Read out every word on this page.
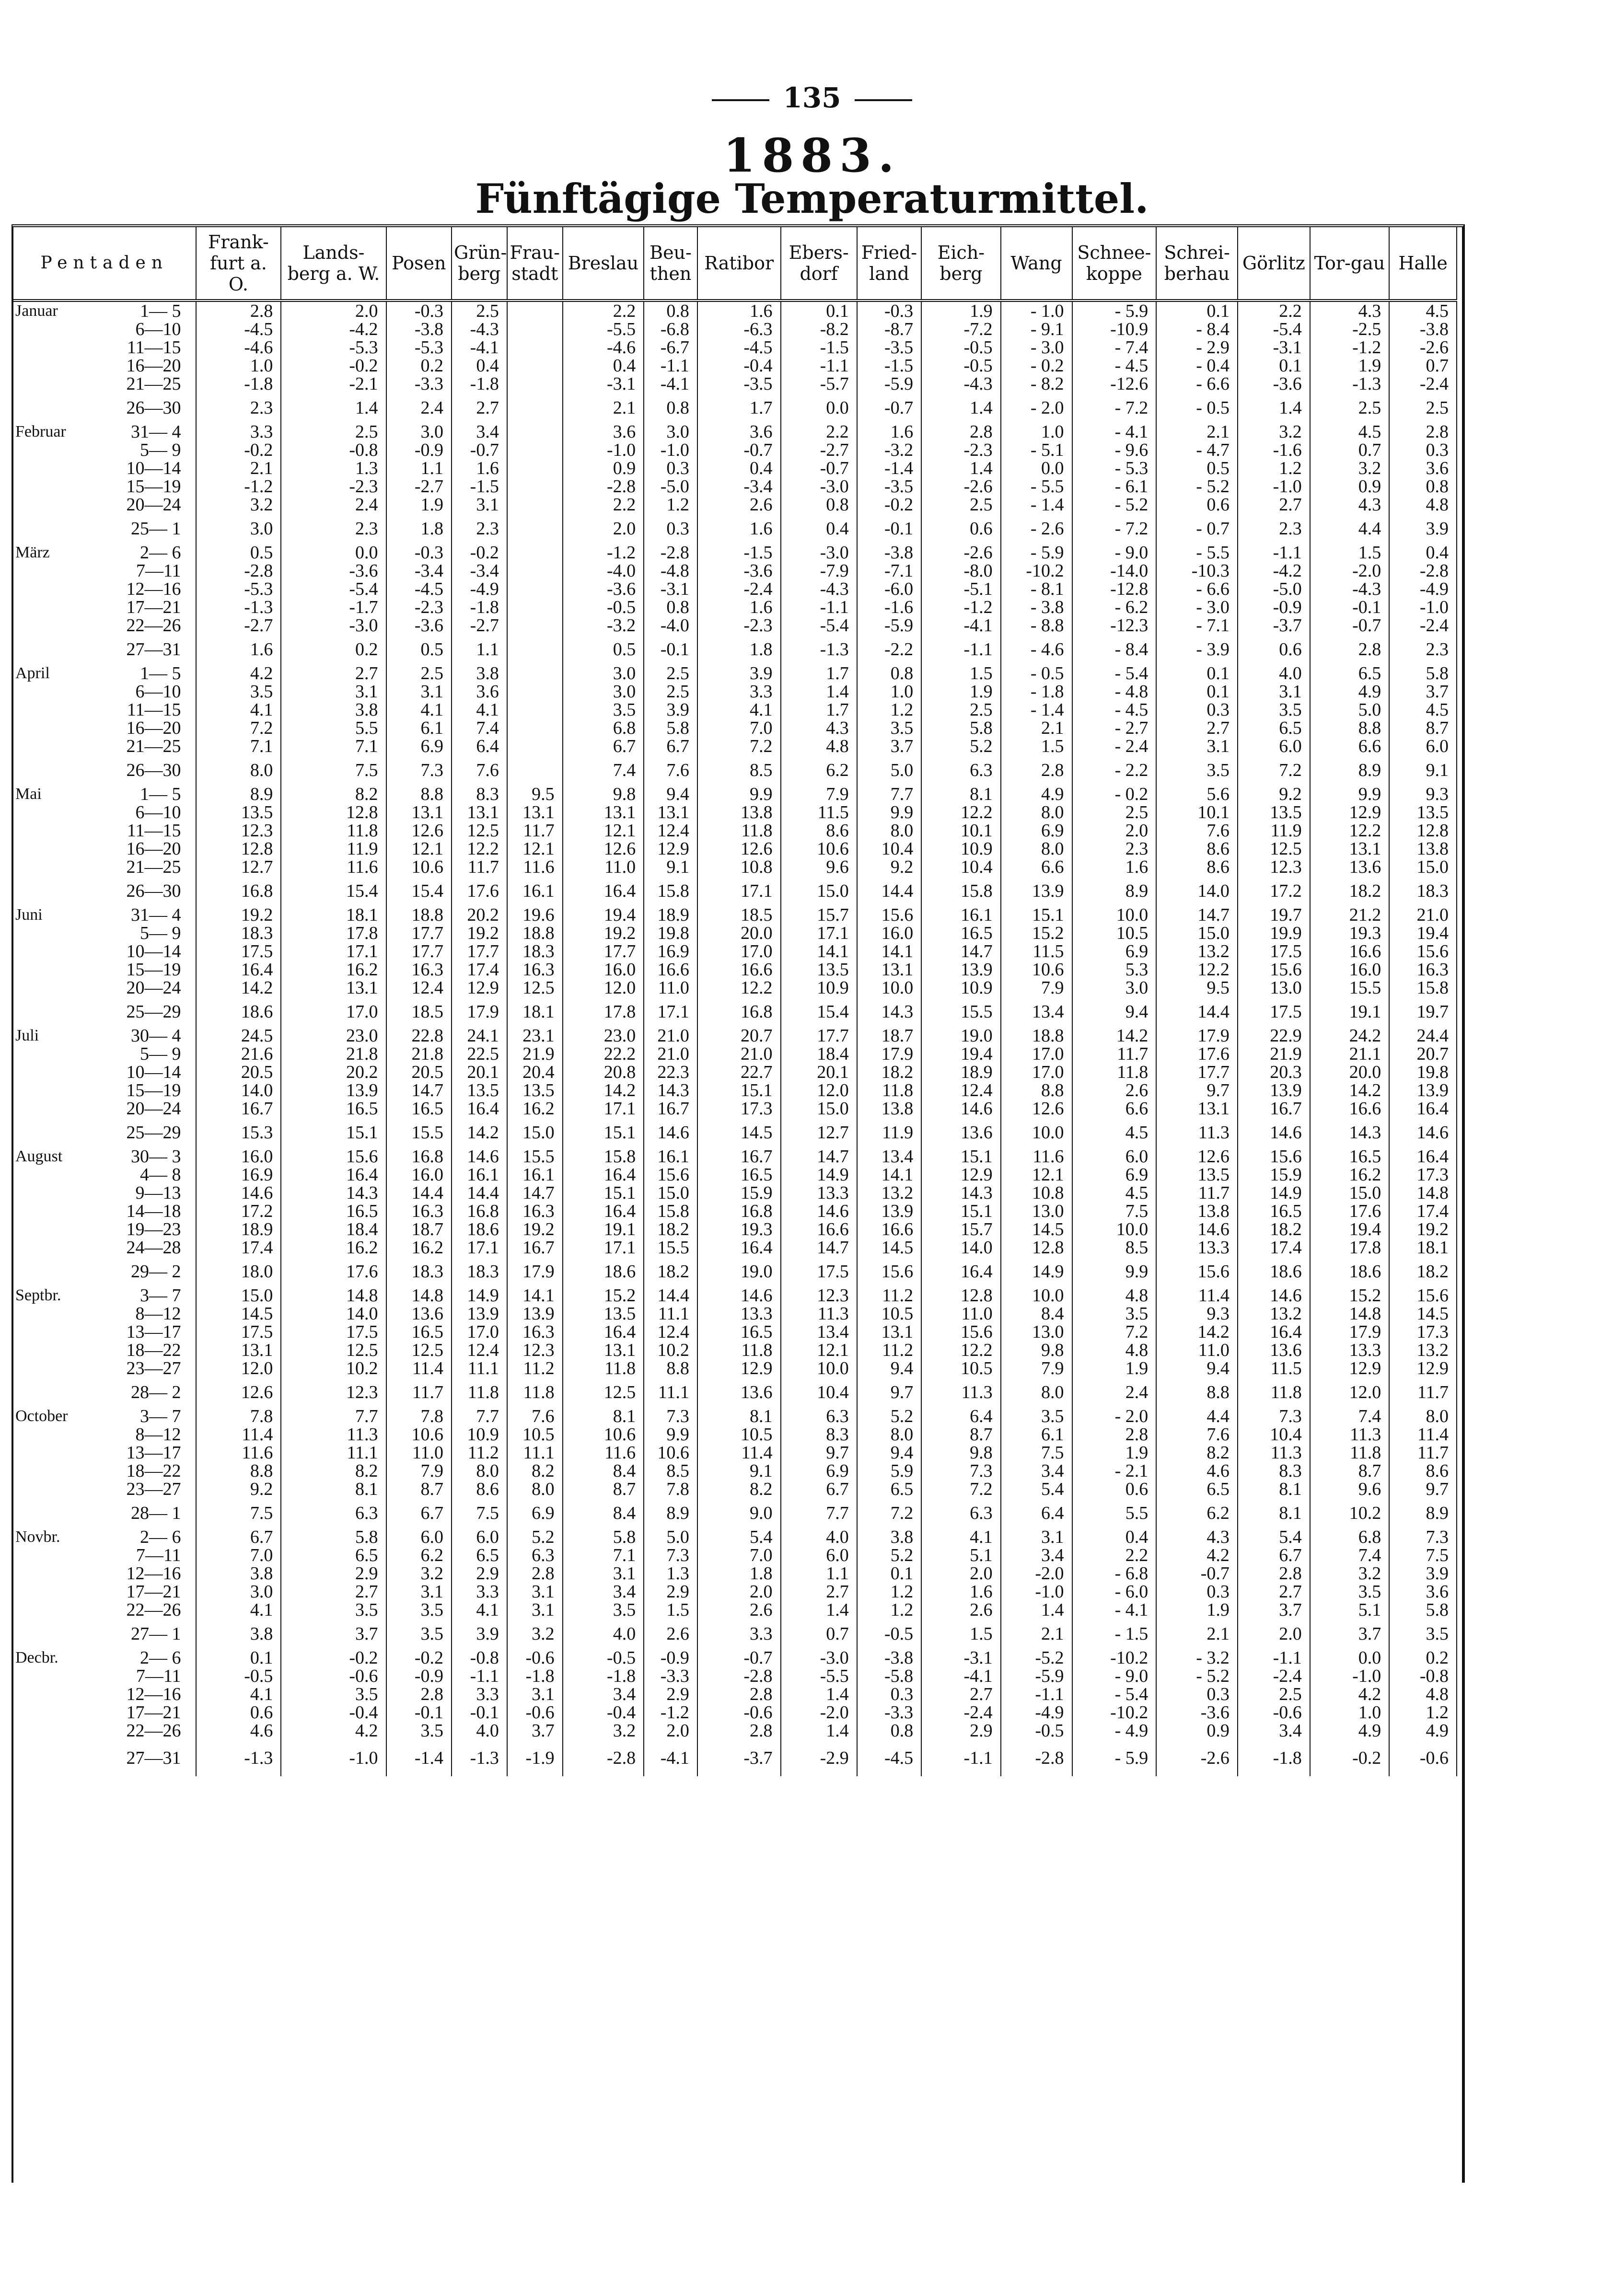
135
1883.
Fünftägige Temperaturmittel.
Pentaden	Frank-furt a. O.	Lands-berg a. W.	Posen	Grün-berg	Frau-stadt	Breslau	Beu-then	Ratibor	Ebers-dorf	Fried-land	Eich-berg	Wang	Schnee-koppe	Schrei-berhau	Görlitz	Tor-gau	Halle

Januar 1— 5	2.8	2.0	-0.3	2.5		2.2	0.8	1.6	0.1	-0.3	1.9	- 1.0	- 5.9	0.1	2.2	4.3	4.5

6—10	-4.5	-4.2	-3.8	-4.3		-5.5	-6.8	-6.3	-8.2	-8.7	-7.2	- 9.1	-10.9	- 8.4	-5.4	-2.5	-3.8

11—15	-4.6	-5.3	-5.3	-4.1		-4.6	-6.7	-4.5	-1.5	-3.5	-0.5	- 3.0	- 7.4	- 2.9	-3.1	-1.2	-2.6

16—20	1.0	-0.2	0.2	0.4		0.4	-1.1	-0.4	-1.1	-1.5	-0.5	- 0.2	- 4.5	- 0.4	0.1	1.9	0.7

21—25	-1.8	-2.1	-3.3	-1.8		-3.1	-4.1	-3.5	-5.7	-5.9	-4.3	- 8.2	-12.6	- 6.6	-3.6	-1.3	-2.4

26—30	2.3	1.4	2.4	2.7		2.1	0.8	1.7	0.0	-0.7	1.4	- 2.0	- 7.2	- 0.5	1.4	2.5	2.5

Februar 31— 4	3.3	2.5	3.0	3.4		3.6	3.0	3.6	2.2	1.6	2.8	1.0	- 4.1	2.1	3.2	4.5	2.8

5— 9	-0.2	-0.8	-0.9	-0.7		-1.0	-1.0	-0.7	-2.7	-3.2	-2.3	- 5.1	- 9.6	- 4.7	-1.6	0.7	0.3

10—14	2.1	1.3	1.1	1.6		0.9	0.3	0.4	-0.7	-1.4	1.4	0.0	- 5.3	0.5	1.2	3.2	3.6

15—19	-1.2	-2.3	-2.7	-1.5		-2.8	-5.0	-3.4	-3.0	-3.5	-2.6	- 5.5	- 6.1	- 5.2	-1.0	0.9	0.8

20—24	3.2	2.4	1.9	3.1		2.2	1.2	2.6	0.8	-0.2	2.5	- 1.4	- 5.2	0.6	2.7	4.3	4.8

25— 1	3.0	2.3	1.8	2.3		2.0	0.3	1.6	0.4	-0.1	0.6	- 2.6	- 7.2	- 0.7	2.3	4.4	3.9

März 2— 6	0.5	0.0	-0.3	-0.2		-1.2	-2.8	-1.5	-3.0	-3.8	-2.6	- 5.9	- 9.0	- 5.5	-1.1	1.5	0.4

7—11	-2.8	-3.6	-3.4	-3.4		-4.0	-4.8	-3.6	-7.9	-7.1	-8.0	-10.2	-14.0	-10.3	-4.2	-2.0	-2.8

12—16	-5.3	-5.4	-4.5	-4.9		-3.6	-3.1	-2.4	-4.3	-6.0	-5.1	- 8.1	-12.8	- 6.6	-5.0	-4.3	-4.9

17—21	-1.3	-1.7	-2.3	-1.8		-0.5	0.8	1.6	-1.1	-1.6	-1.2	- 3.8	- 6.2	- 3.0	-0.9	-0.1	-1.0

22—26	-2.7	-3.0	-3.6	-2.7		-3.2	-4.0	-2.3	-5.4	-5.9	-4.1	- 8.8	-12.3	- 7.1	-3.7	-0.7	-2.4

27—31	1.6	0.2	0.5	1.1		0.5	-0.1	1.8	-1.3	-2.2	-1.1	- 4.6	- 8.4	- 3.9	0.6	2.8	2.3

April 1— 5	4.2	2.7	2.5	3.8		3.0	2.5	3.9	1.7	0.8	1.5	- 0.5	- 5.4	0.1	4.0	6.5	5.8

6—10	3.5	3.1	3.1	3.6		3.0	2.5	3.3	1.4	1.0	1.9	- 1.8	- 4.8	0.1	3.1	4.9	3.7

11—15	4.1	3.8	4.1	4.1		3.5	3.9	4.1	1.7	1.2	2.5	- 1.4	- 4.5	0.3	3.5	5.0	4.5

16—20	7.2	5.5	6.1	7.4		6.8	5.8	7.0	4.3	3.5	5.8	2.1	- 2.7	2.7	6.5	8.8	8.7

21—25	7.1	7.1	6.9	6.4		6.7	6.7	7.2	4.8	3.7	5.2	1.5	- 2.4	3.1	6.0	6.6	6.0

26—30	8.0	7.5	7.3	7.6		7.4	7.6	8.5	6.2	5.0	6.3	2.8	- 2.2	3.5	7.2	8.9	9.1

Mai 1— 5	8.9	8.2	8.8	8.3	9.5	9.8	9.4	9.9	7.9	7.7	8.1	4.9	- 0.2	5.6	9.2	9.9	9.3

6—10	13.5	12.8	13.1	13.1	13.1	13.1	13.1	13.8	11.5	9.9	12.2	8.0	2.5	10.1	13.5	12.9	13.5

11—15	12.3	11.8	12.6	12.5	11.7	12.1	12.4	11.8	8.6	8.0	10.1	6.9	2.0	7.6	11.9	12.2	12.8

16—20	12.8	11.9	12.1	12.2	12.1	12.6	12.9	12.6	10.6	10.4	10.9	8.0	2.3	8.6	12.5	13.1	13.8

21—25	12.7	11.6	10.6	11.7	11.6	11.0	9.1	10.8	9.6	9.2	10.4	6.6	1.6	8.6	12.3	13.6	15.0

26—30	16.8	15.4	15.4	17.6	16.1	16.4	15.8	17.1	15.0	14.4	15.8	13.9	8.9	14.0	17.2	18.2	18.3

Juni 31— 4	19.2	18.1	18.8	20.2	19.6	19.4	18.9	18.5	15.7	15.6	16.1	15.1	10.0	14.7	19.7	21.2	21.0

5— 9	18.3	17.8	17.7	19.2	18.8	19.2	19.8	20.0	17.1	16.0	16.5	15.2	10.5	15.0	19.9	19.3	19.4

10—14	17.5	17.1	17.7	17.7	18.3	17.7	16.9	17.0	14.1	14.1	14.7	11.5	6.9	13.2	17.5	16.6	15.6

15—19	16.4	16.2	16.3	17.4	16.3	16.0	16.6	16.6	13.5	13.1	13.9	10.6	5.3	12.2	15.6	16.0	16.3

20—24	14.2	13.1	12.4	12.9	12.5	12.0	11.0	12.2	10.9	10.0	10.9	7.9	3.0	9.5	13.0	15.5	15.8

25—29	18.6	17.0	18.5	17.9	18.1	17.8	17.1	16.8	15.4	14.3	15.5	13.4	9.4	14.4	17.5	19.1	19.7

Juli 30— 4	24.5	23.0	22.8	24.1	23.1	23.0	21.0	20.7	17.7	18.7	19.0	18.8	14.2	17.9	22.9	24.2	24.4

5— 9	21.6	21.8	21.8	22.5	21.9	22.2	21.0	21.0	18.4	17.9	19.4	17.0	11.7	17.6	21.9	21.1	20.7

10—14	20.5	20.2	20.5	20.1	20.4	20.8	22.3	22.7	20.1	18.2	18.9	17.0	11.8	17.7	20.3	20.0	19.8

15—19	14.0	13.9	14.7	13.5	13.5	14.2	14.3	15.1	12.0	11.8	12.4	8.8	2.6	9.7	13.9	14.2	13.9

20—24	16.7	16.5	16.5	16.4	16.2	17.1	16.7	17.3	15.0	13.8	14.6	12.6	6.6	13.1	16.7	16.6	16.4

25—29	15.3	15.1	15.5	14.2	15.0	15.1	14.6	14.5	12.7	11.9	13.6	10.0	4.5	11.3	14.6	14.3	14.6

August 30— 3	16.0	15.6	16.8	14.6	15.5	15.8	16.1	16.7	14.7	13.4	15.1	11.6	6.0	12.6	15.6	16.5	16.4

4— 8	16.9	16.4	16.0	16.1	16.1	16.4	15.6	16.5	14.9	14.1	12.9	12.1	6.9	13.5	15.9	16.2	17.3

9—13	14.6	14.3	14.4	14.4	14.7	15.1	15.0	15.9	13.3	13.2	14.3	10.8	4.5	11.7	14.9	15.0	14.8

14—18	17.2	16.5	16.3	16.8	16.3	16.4	15.8	16.8	14.6	13.9	15.1	13.0	7.5	13.8	16.5	17.6	17.4

19—23	18.9	18.4	18.7	18.6	19.2	19.1	18.2	19.3	16.6	16.6	15.7	14.5	10.0	14.6	18.2	19.4	19.2

24—28	17.4	16.2	16.2	17.1	16.7	17.1	15.5	16.4	14.7	14.5	14.0	12.8	8.5	13.3	17.4	17.8	18.1

29— 2	18.0	17.6	18.3	18.3	17.9	18.6	18.2	19.0	17.5	15.6	16.4	14.9	9.9	15.6	18.6	18.6	18.2

Septbr. 3— 7	15.0	14.8	14.8	14.9	14.1	15.2	14.4	14.6	12.3	11.2	12.8	10.0	4.8	11.4	14.6	15.2	15.6

8—12	14.5	14.0	13.6	13.9	13.9	13.5	11.1	13.3	11.3	10.5	11.0	8.4	3.5	9.3	13.2	14.8	14.5

13—17	17.5	17.5	16.5	17.0	16.3	16.4	12.4	16.5	13.4	13.1	15.6	13.0	7.2	14.2	16.4	17.9	17.3

18—22	13.1	12.5	12.5	12.4	12.3	13.1	10.2	11.8	12.1	11.2	12.2	9.8	4.8	11.0	13.6	13.3	13.2

23—27	12.0	10.2	11.4	11.1	11.2	11.8	8.8	12.9	10.0	9.4	10.5	7.9	1.9	9.4	11.5	12.9	12.9

28— 2	12.6	12.3	11.7	11.8	11.8	12.5	11.1	13.6	10.4	9.7	11.3	8.0	2.4	8.8	11.8	12.0	11.7

October 3— 7	7.8	7.7	7.8	7.7	7.6	8.1	7.3	8.1	6.3	5.2	6.4	3.5	- 2.0	4.4	7.3	7.4	8.0

8—12	11.4	11.3	10.6	10.9	10.5	10.6	9.9	10.5	8.3	8.0	8.7	6.1	2.8	7.6	10.4	11.3	11.4

13—17	11.6	11.1	11.0	11.2	11.1	11.6	10.6	11.4	9.7	9.4	9.8	7.5	1.9	8.2	11.3	11.8	11.7

18—22	8.8	8.2	7.9	8.0	8.2	8.4	8.5	9.1	6.9	5.9	7.3	3.4	- 2.1	4.6	8.3	8.7	8.6

23—27	9.2	8.1	8.7	8.6	8.0	8.7	7.8	8.2	6.7	6.5	7.2	5.4	0.6	6.5	8.1	9.6	9.7

28— 1	7.5	6.3	6.7	7.5	6.9	8.4	8.9	9.0	7.7	7.2	6.3	6.4	5.5	6.2	8.1	10.2	8.9

Novbr. 2— 6	6.7	5.8	6.0	6.0	5.2	5.8	5.0	5.4	4.0	3.8	4.1	3.1	0.4	4.3	5.4	6.8	7.3

7—11	7.0	6.5	6.2	6.5	6.3	7.1	7.3	7.0	6.0	5.2	5.1	3.4	2.2	4.2	6.7	7.4	7.5

12—16	3.8	2.9	3.2	2.9	2.8	3.1	1.3	1.8	1.1	0.1	2.0	-2.0	- 6.8	-0.7	2.8	3.2	3.9

17—21	3.0	2.7	3.1	3.3	3.1	3.4	2.9	2.0	2.7	1.2	1.6	-1.0	- 6.0	0.3	2.7	3.5	3.6

22—26	4.1	3.5	3.5	4.1	3.1	3.5	1.5	2.6	1.4	1.2	2.6	1.4	- 4.1	1.9	3.7	5.1	5.8

27— 1	3.8	3.7	3.5	3.9	3.2	4.0	2.6	3.3	0.7	-0.5	1.5	2.1	- 1.5	2.1	2.0	3.7	3.5

Decbr. 2— 6	0.1	-0.2	-0.2	-0.8	-0.6	-0.5	-0.9	-0.7	-3.0	-3.8	-3.1	-5.2	-10.2	- 3.2	-1.1	0.0	0.2

7—11	-0.5	-0.6	-0.9	-1.1	-1.8	-1.8	-3.3	-2.8	-5.5	-5.8	-4.1	-5.9	- 9.0	- 5.2	-2.4	-1.0	-0.8

12—16	4.1	3.5	2.8	3.3	3.1	3.4	2.9	2.8	1.4	0.3	2.7	-1.1	- 5.4	0.3	2.5	4.2	4.8

17—21	0.6	-0.4	-0.1	-0.1	-0.6	-0.4	-1.2	-0.6	-2.0	-3.3	-2.4	-4.9	-10.2	-3.6	-0.6	1.0	1.2

22—26	4.6	4.2	3.5	4.0	3.7	3.2	2.0	2.8	1.4	0.8	2.9	-0.5	- 4.9	0.9	3.4	4.9	4.9

27—31	-1.3	-1.0	-1.4	-1.3	-1.9	-2.8	-4.1	-3.7	-2.9	-4.5	-1.1	-2.8	- 5.9	-2.6	-1.8	-0.2	-0.6
